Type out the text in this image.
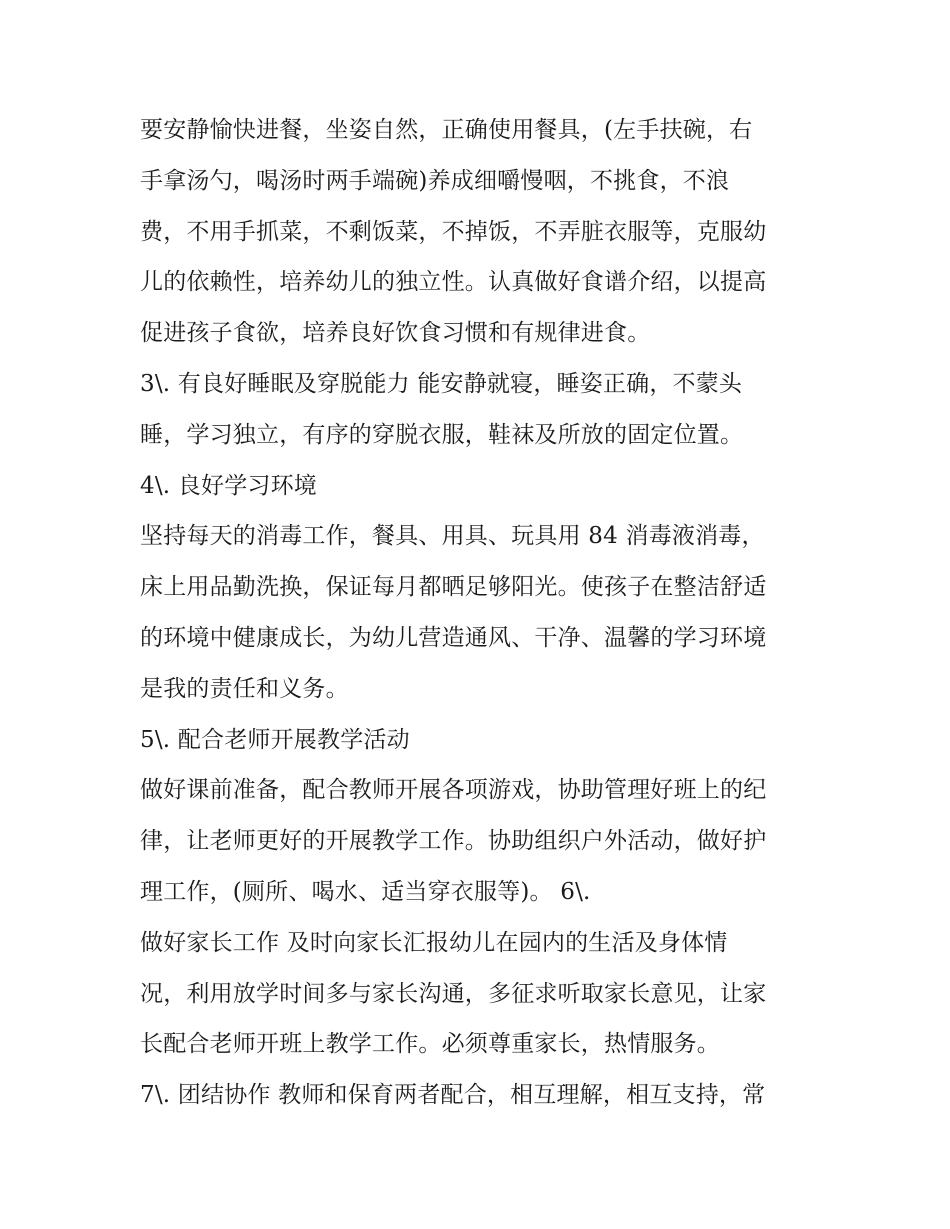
要安静愉快进餐，坐姿自然，正确使用餐具，(左手扶碗，右
手拿汤勺，喝汤时两手端碗)养成细嚼慢咽，不挑食，不浪
费，不用手抓菜，不剩饭菜，不掉饭，不弄脏衣服等，克服幼
儿的依赖性，培养幼儿的独立性。认真做好食谱介绍，以提高
促进孩子食欲，培养良好饮食习惯和有规律进食。
3\. 有良好睡眠及穿脱能力 能安静就寝，睡姿正确，不蒙头
睡，学习独立，有序的穿脱衣服，鞋袜及所放的固定位置。
4\. 良好学习环境
坚持每天的消毒工作，餐具、用具、玩具用 84 消毒液消毒，
床上用品勤洗换，保证每月都晒足够阳光。使孩子在整洁舒适
的环境中健康成长，为幼儿营造通风、干净、温馨的学习环境
是我的责任和义务。
5\. 配合老师开展教学活动
做好课前准备，配合教师开展各项游戏，协助管理好班上的纪
律，让老师更好的开展教学工作。协助组织户外活动，做好护
理工作，(厕所、喝水、适当穿衣服等)。 6\.
做好家长工作 及时向家长汇报幼儿在园内的生活及身体情
况，利用放学时间多与家长沟通，多征求听取家长意见，让家
长配合老师开班上教学工作。必须尊重家长，热情服务。
7\. 团结协作 教师和保育两者配合，相互理解，相互支持，常
